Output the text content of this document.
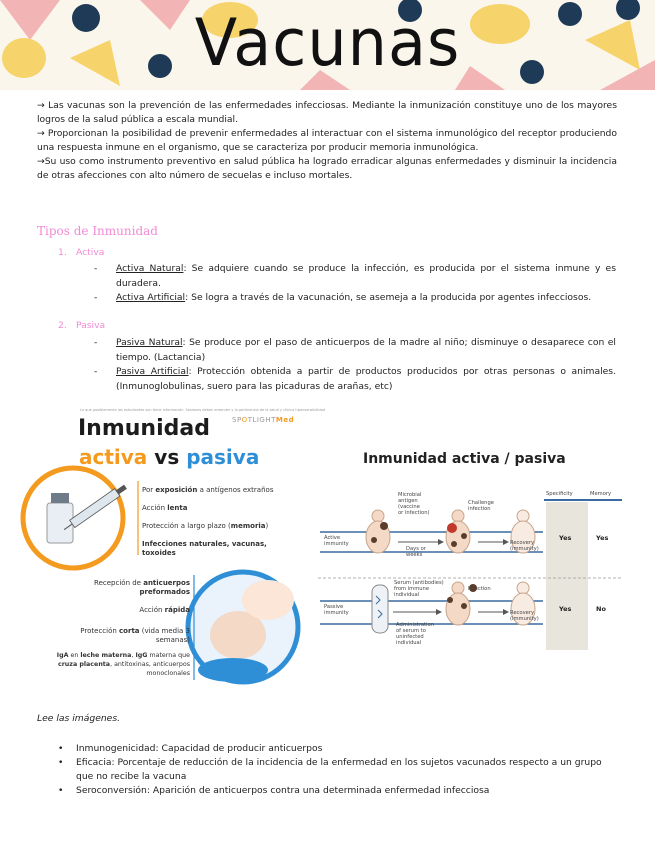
Vacunas

→ Las vacunas son la prevención de las enfermedades infecciosas. Mediante la inmunización constituye uno de los mayores logros de la salud pública a escala mundial.

→ Proporcionan la posibilidad de prevenir enfermedades al interactuar con el sistema inmunológico del receptor produciendo una respuesta inmune en el organismo, que se caracteriza por producir memoria inmunológica.

→Su uso como instrumento preventivo en salud pública ha logrado erradicar algunas enfermedades y disminuir la incidencia de otras afecciones con alto número de secuelas e incluso mortales.

Tipos de Inmunidad
1. Activa
- Activa Natural: Se adquiere cuando se produce la infección, es producida por el sistema inmune y es duradera.
- Activa Artificial: Se logra a través de la vacunación, se asemeja a la producida por agentes infecciosos.
2. Pasiva
- Pasiva Natural: Se produce por el paso de anticuerpos de la madre al niño; disminuye o desaparece con el tiempo. (Lactancia)
- Pasiva Artificial: Protección obtenida a partir de productos producidos por otras personas o animales. (Inmunoglobulinas, suero para las picaduras de arañas, etc)
Lo que posiblemente los estudiantes son tiene información. Sesiones deben entender y la pertinencia de la salud y clínica hipersensibilidad
Inmunidad	SPOTLIGHTMed
activa vs pasiva
Por exposición a antígenos extraños
Acción lenta
Protección a largo plazo (memoria)
Infecciones naturales, vacunas,
toxoides
Recepción de anticuerpos
preformados
Acción rápida
Protección corta (vida media 3
semanas)
IgA en leche materna, IgG materna que
cruza placenta, antitoxinas, anticuerpos
monoclonales
Inmunidad activa / pasiva
Specificity	Memory
Active
immunity
Microbial
antigen
(vaccine
or infection)
Challenge
infection
Days or
weeks
Recovery
(immunity)
Yes	Yes
Passive
immunity
Serum (antibodies)
from immune
individual
Infection
Administration
of serum to
uninfected
individual
Recovery
(immunity)
Yes	No
Lee las imágenes.
• Inmunogenicidad: Capacidad de producir anticuerpos
• Eficacia: Porcentaje de reducción de la incidencia de la enfermedad en los sujetos vacunados respecto a un grupo que no recibe la vacuna
• Seroconversión: Aparición de anticuerpos contra una determinada enfermedad infecciosa
